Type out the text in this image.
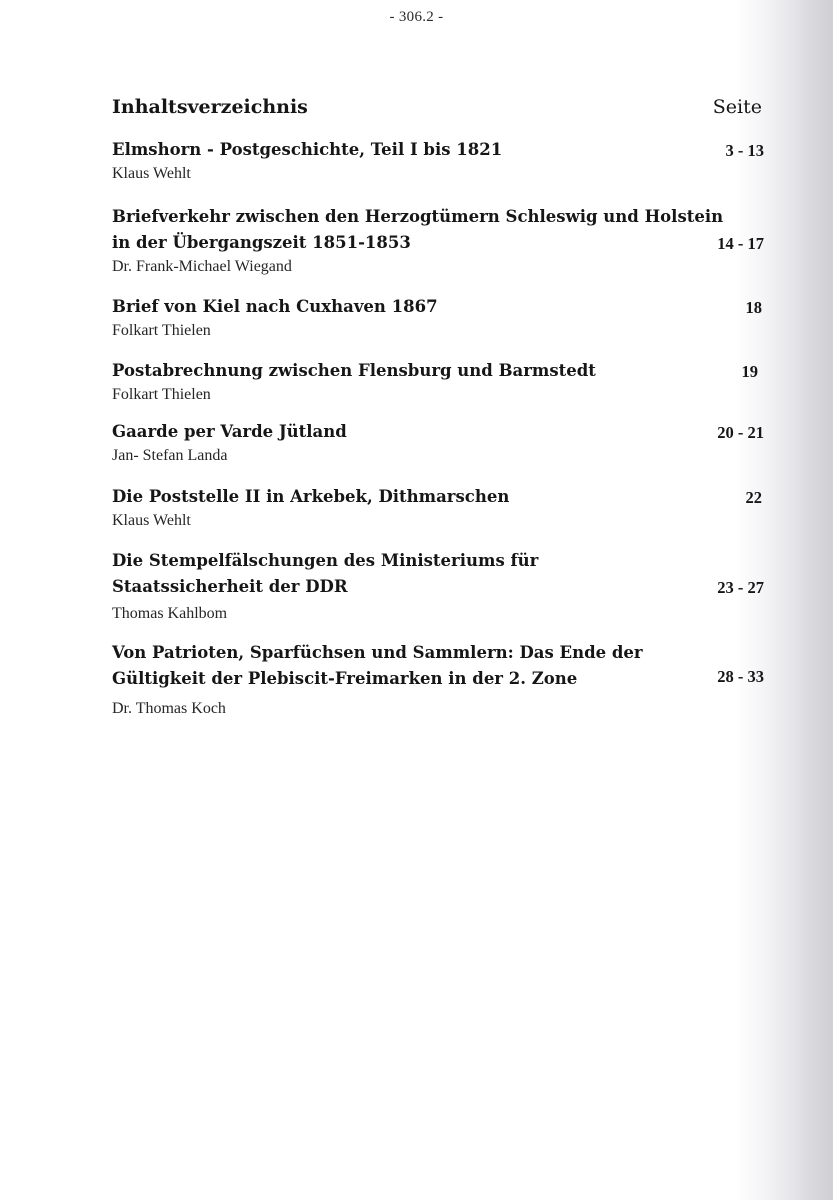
- 306.2 -
Inhaltsverzeichnis	Seite
Elmshorn - Postgeschichte, Teil I bis 1821
Klaus Wehlt
3 - 13
Briefverkehr zwischen den Herzogtümern Schleswig und Holstein
in der Übergangszeit 1851-1853
Dr. Frank-Michael Wiegand
14 - 17
Brief von Kiel nach Cuxhaven 1867
Folkart Thielen
18
Postabrechnung zwischen Flensburg und Barmstedt
Folkart Thielen
19
Gaarde per Varde Jütland
Jan- Stefan Landa
20 - 21
Die Poststelle II in Arkebek, Dithmarschen
Klaus Wehlt
22
Die Stempelfälschungen des Ministeriums für
Staatssicherheit der DDR
Thomas Kahlbom
23 - 27
Von Patrioten, Sparfüchsen und Sammlern: Das Ende der
Gültigkeit der Plebiscit-Freimarken in der 2. Zone
Dr. Thomas Koch
28 - 33
